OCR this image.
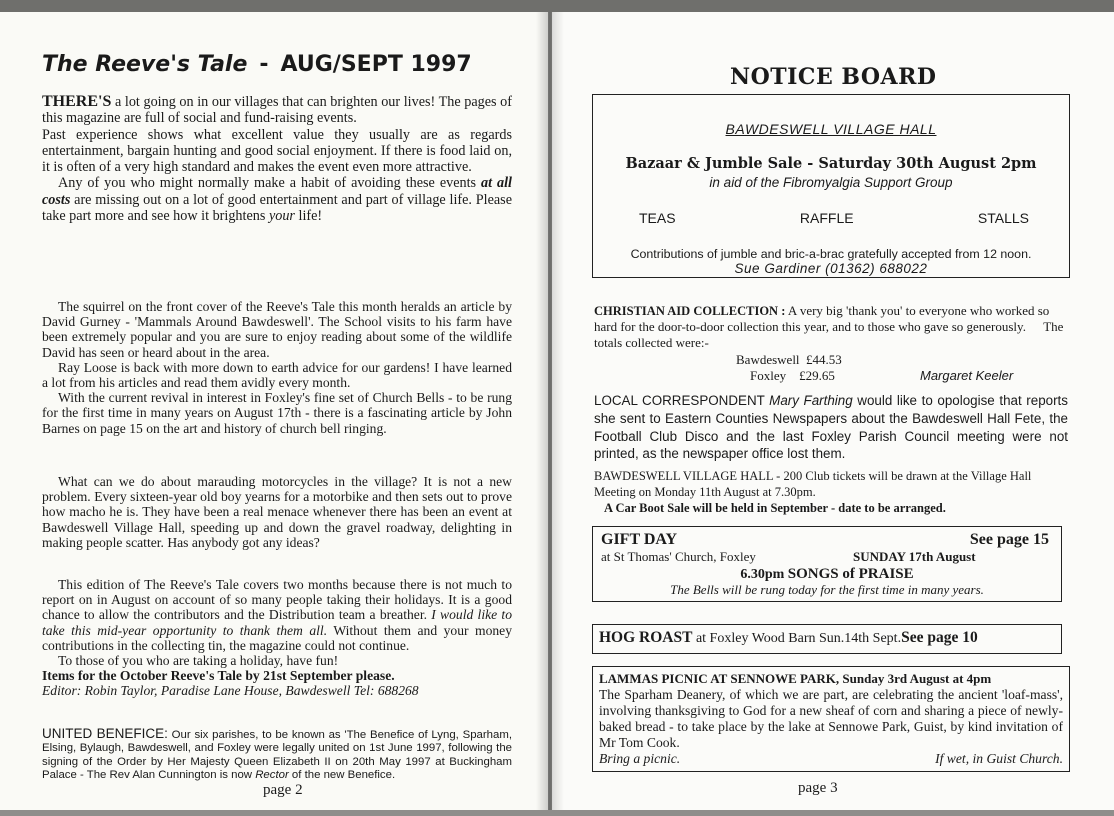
The Reeve's Tale - AUG/SEPT 1997

THERE'S a lot going on in our villages that can brighten our lives! The pages of this magazine are full of social and fund-raising events.

Past experience shows what excellent value they usually are as regards entertainment, bargain hunting and good social enjoyment. If there is food laid on, it is often of a very high standard and makes the event even more attractive.

Any of you who might normally make a habit of avoiding these events at all costs are missing out on a lot of good entertainment and part of village life. Please take part more and see how it brightens your life!

The squirrel on the front cover of the Reeve's Tale this month heralds an article by David Gurney - 'Mammals Around Bawdeswell'. The School visits to his farm have been extremely popular and you are sure to enjoy reading about some of the wildlife David has seen or heard about in the area.

Ray Loose is back with more down to earth advice for our gardens! I have learned a lot from his articles and read them avidly every month.

With the current revival in interest in Foxley's fine set of Church Bells - to be rung for the first time in many years on August 17th - there is a fascinating article by John Barnes on page 15 on the art and history of church bell ringing.

What can we do about marauding motorcycles in the village? It is not a new problem. Every sixteen-year old boy yearns for a motorbike and then sets out to prove how macho he is. They have been a real menace whenever there has been an event at Bawdeswell Village Hall, speeding up and down the gravel roadway, delighting in making people scatter. Has anybody got any ideas?

This edition of The Reeve's Tale covers two months because there is not much to report on in August on account of so many people taking their holidays. It is a good chance to allow the contributors and the Distribution team a breather. I would like to take this mid-year opportunity to thank them all. Without them and your money contributions in the collecting tin, the magazine could not continue.

To those of you who are taking a holiday, have fun!

Items for the October Reeve's Tale by 21st September please.

Editor: Robin Taylor, Paradise Lane House, Bawdeswell Tel: 688268

UNITED BENEFICE: Our six parishes, to be known as 'The Benefice of Lyng, Sparham, Elsing, Bylaugh, Bawdeswell, and Foxley were legally united on 1st June 1997, following the signing of the Order by Her Majesty Queen Elizabeth II on 20th May 1997 at Buckingham Palace - The Rev Alan Cunnington is now Rector of the new Benefice.

page 2
NOTICE BOARD
BAWDESWELL VILLAGE HALL
Bazaar & Jumble Sale - Saturday 30th August 2pm
in aid of the Fibromyalgia Support Group
TEAS	RAFFLE	STALLS
Contributions of jumble and bric-a-brac gratefully accepted from 12 noon.
Sue Gardiner (01362) 688022
CHRISTIAN AID COLLECTION : A very big 'thank you' to everyone who worked so hard for the door-to-door collection this year, and to those who gave so generously. The totals collected were:-
Bawdeswell £44.53
Foxley £29.65	Margaret Keeler
LOCAL CORRESPONDENT Mary Farthing would like to opologise that reports she sent to Eastern Counties Newspapers about the Bawdeswell Hall Fete, the Football Club Disco and the last Foxley Parish Council meeting were not printed, as the newspaper office lost them.
BAWDESWELL VILLAGE HALL - 200 Club tickets will be drawn at the Village Hall Meeting on Monday 11th August at 7.30pm.
A Car Boot Sale will be held in September - date to be arranged.
GIFT DAY	See page 15
at St Thomas' Church, Foxley	SUNDAY 17th August
6.30pm SONGS of PRAISE
The Bells will be rung today for the first time in many years.
HOG ROAST at Foxley Wood Barn Sun.14th Sept.See page 10
LAMMAS PICNIC AT SENNOWE PARK, Sunday 3rd August at 4pm
The Sparham Deanery, of which we are part, are celebrating the ancient 'loaf-mass', involving thanksgiving to God for a new sheaf of corn and sharing a piece of newly-baked bread - to take place by the lake at Sennowe Park, Guist, by kind invitation of Mr Tom Cook.
Bring a picnic.	If wet, in Guist Church.
page 3
